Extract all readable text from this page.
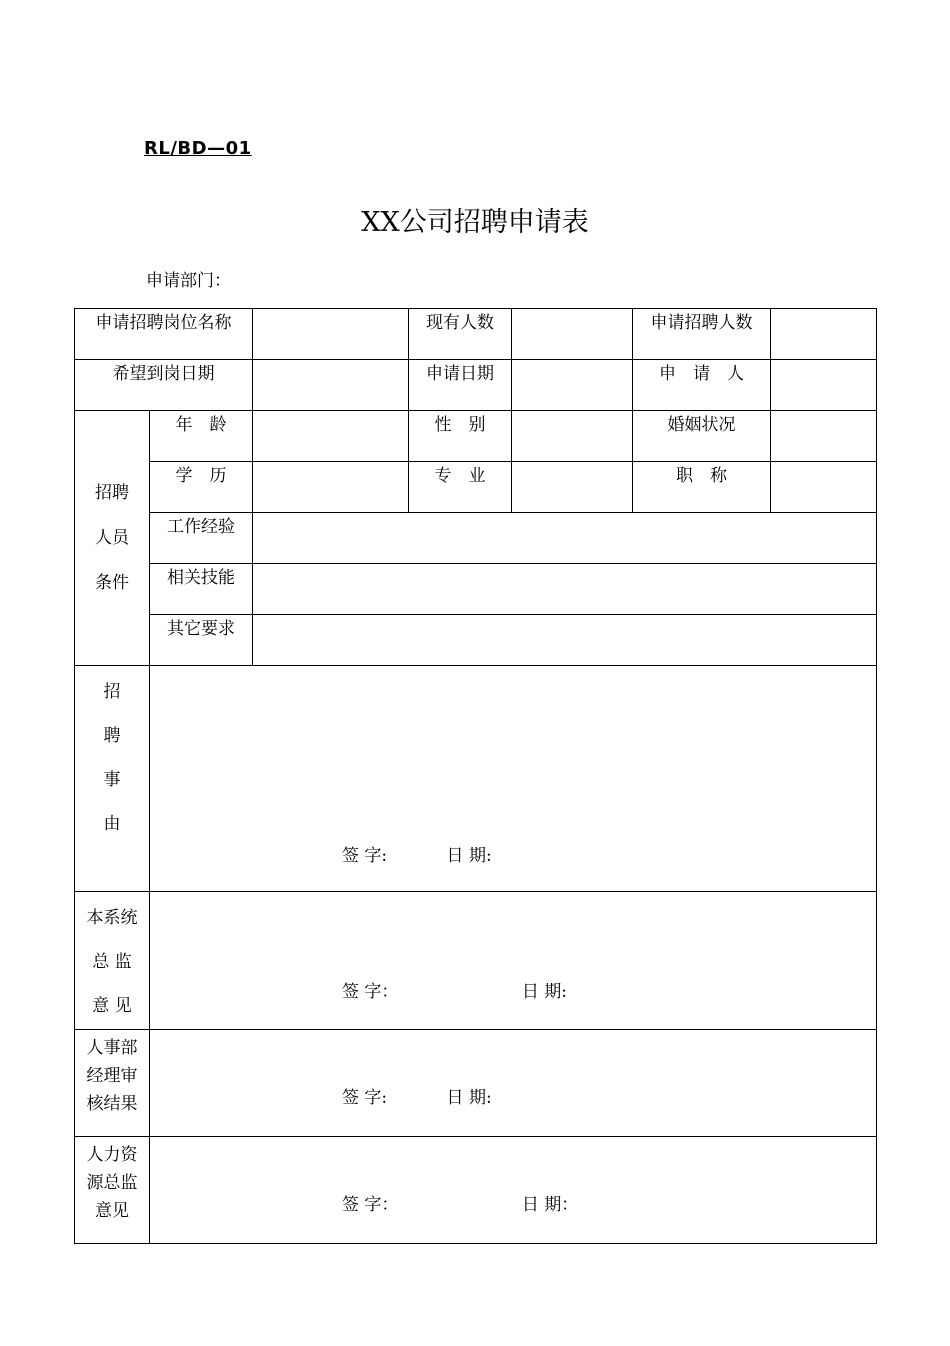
RL/BD—01
XX公司招聘申请表
申请部门：
申请招聘岗位名称			现有人数		申请招聘人数	
希望到岗日期			申请日期		申　请　人	

招聘
人员
条件	年　龄		性　别		婚姻状况	
	学　历		专　业		职　称	
	工作经验					
	相关技能					
	其它要求					

招
聘
事
由	签 字: 日 期:					

本系统
总 监
意 见	签 字： 日 期:					

人事部
经理审
核结果	签 字: 日 期:					

人力资
源总监
意见	签 字： 日 期：					
